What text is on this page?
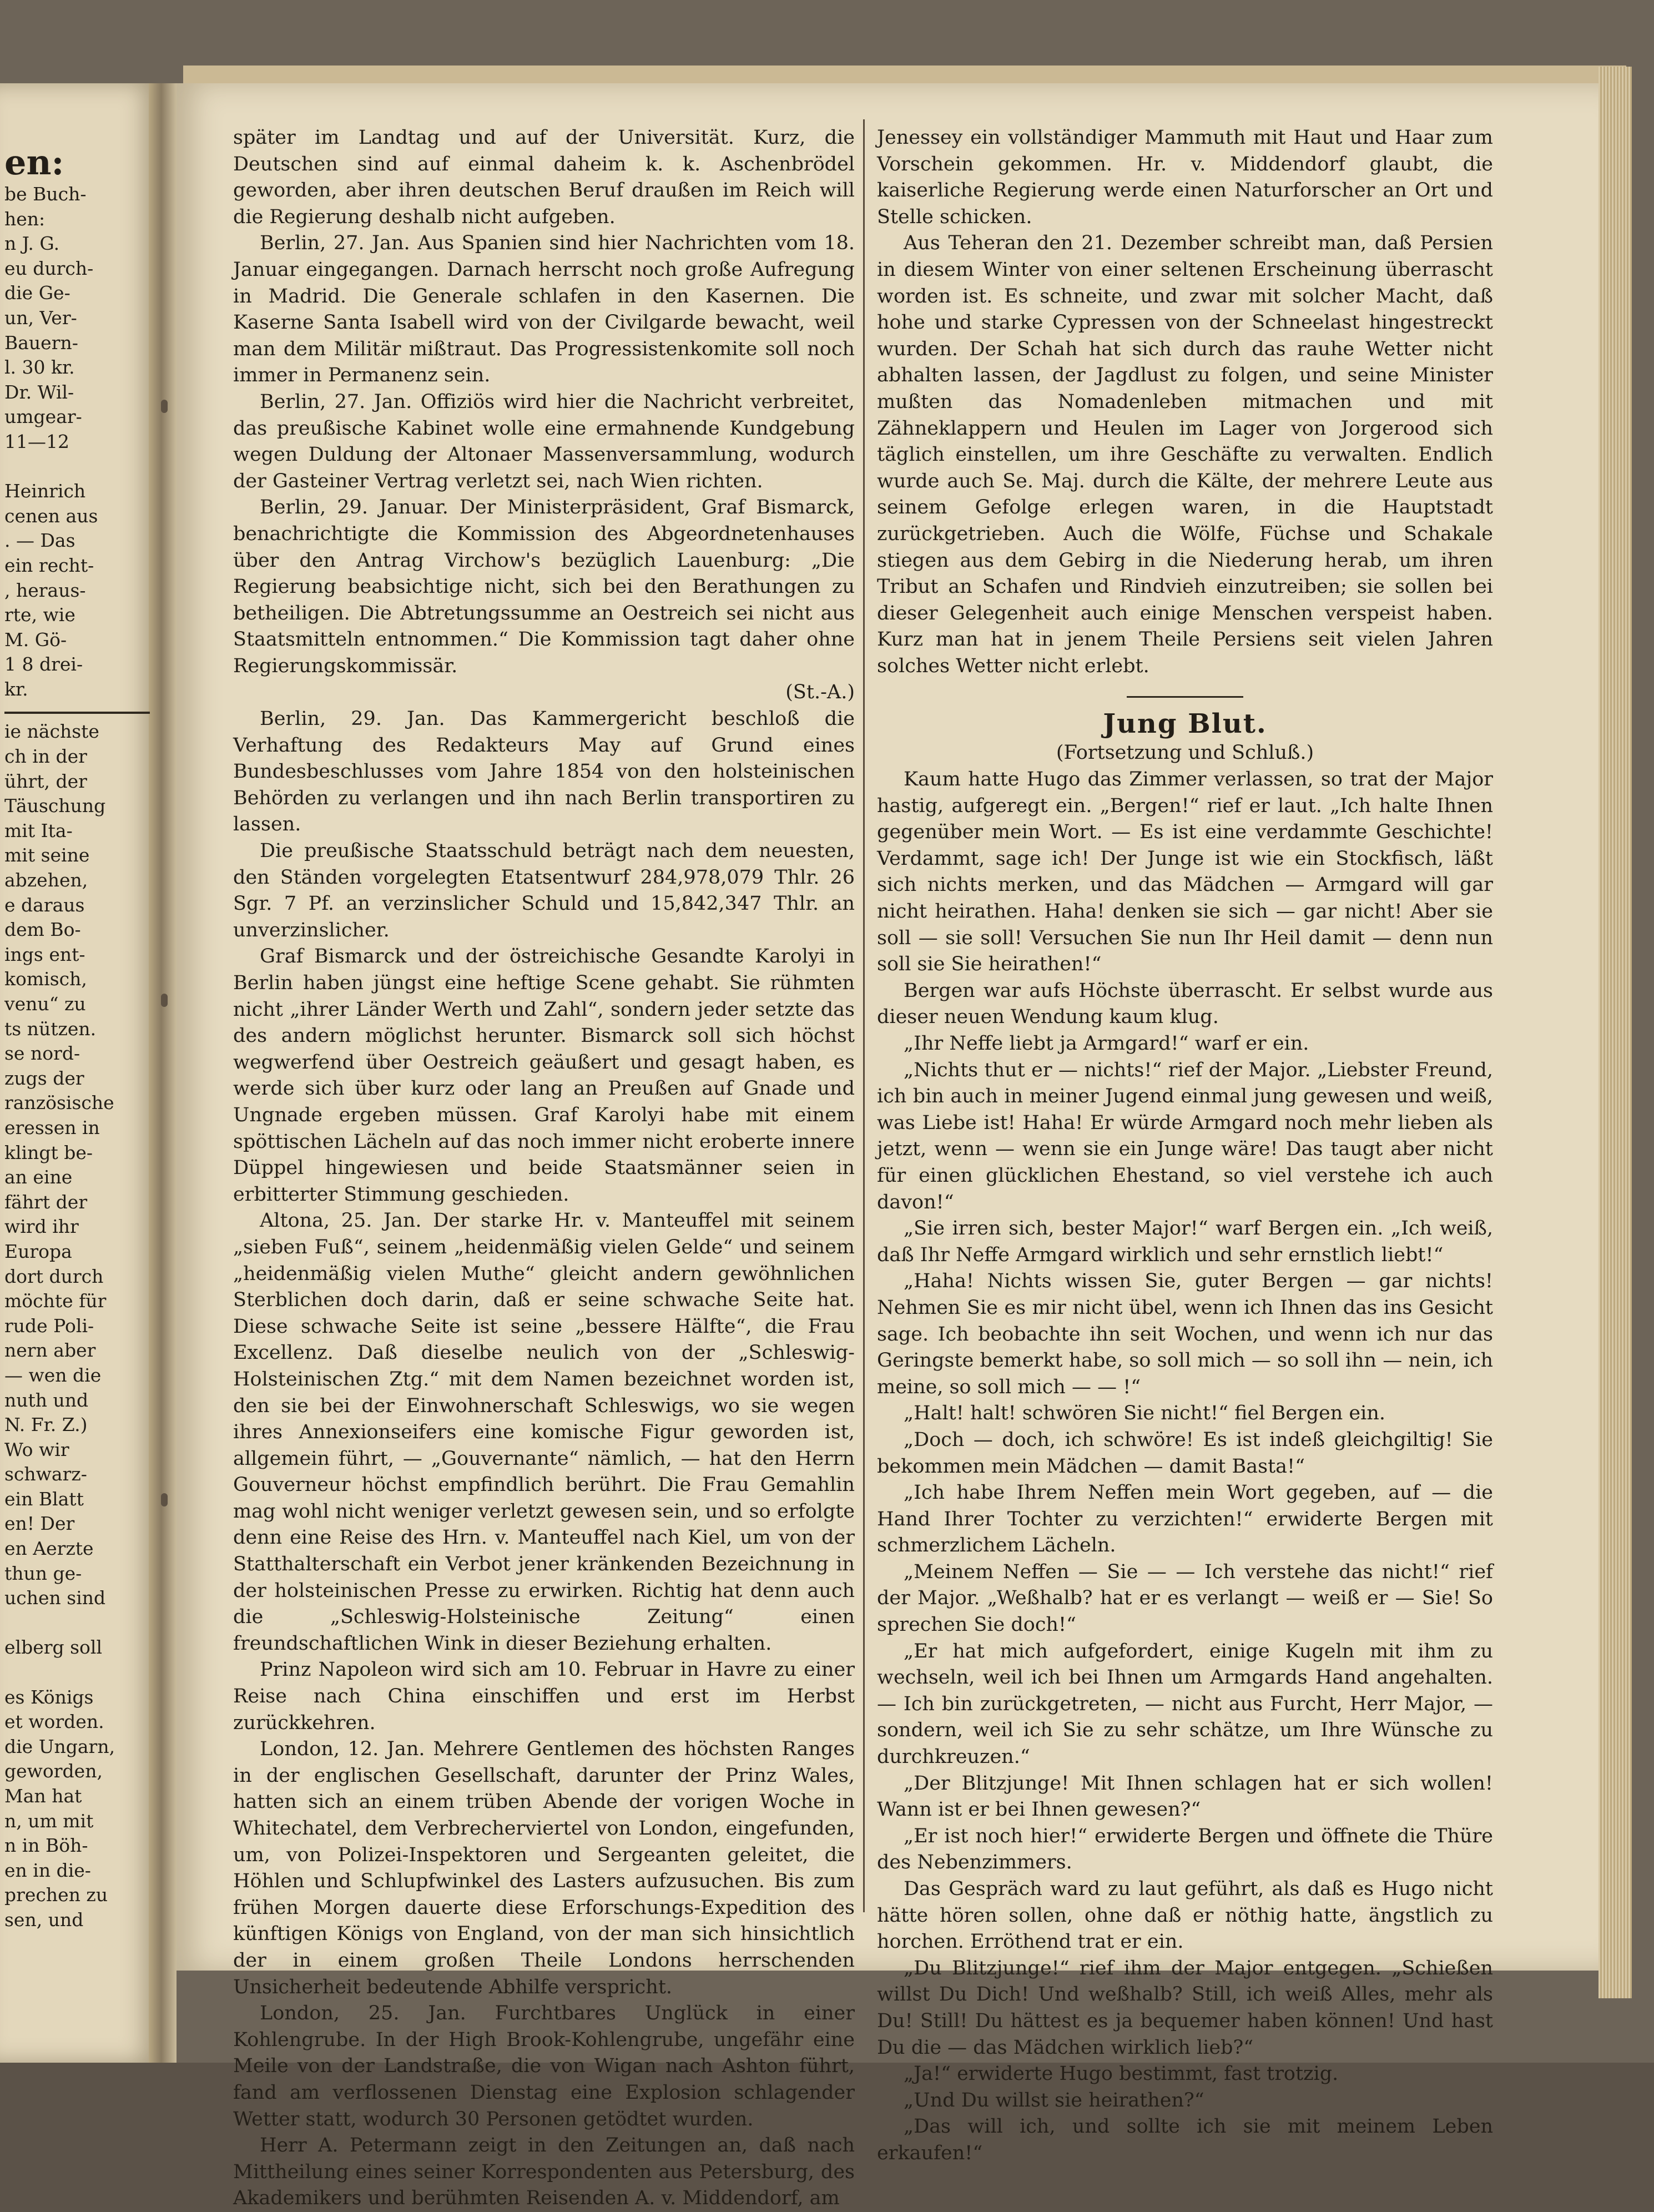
en:

be Buch-

hen:

n J. G.

eu durch-

die Ge-

un, Ver-

Bauern-

l. 30 kr.

Dr. Wil-

umgear-

11—12

Heinrich

cenen aus

. — Das

ein recht-

, heraus-

rte, wie

M. Gö-

1 8 drei-

kr.

ie nächste

ch in der

ührt, der

Täuschung

mit Ita-

mit seine

abzehen,

e daraus

dem Bo-

ings ent-

komisch,

venu“ zu

ts nützen.

se nord-

zugs der

ranzösische

eressen in

klingt be-

an eine

fährt der

wird ihr

Europa

dort durch

möchte für

rude Poli-

nern aber

— wen die

nuth und

N. Fr. Z.)

Wo wir

schwarz-

ein Blatt

en! Der

en Aerzte

thun ge-

uchen sind

elberg soll

es Königs

et worden.

die Ungarn,

geworden,

Man hat

n, um mit

n in Böh-

en in die-

prechen zu

sen, und

später im Landtag und auf der Universität. Kurz, die Deutschen sind auf einmal daheim k. k. Aschenbrödel geworden, aber ihren deutschen Beruf draußen im Reich will die Regierung deshalb nicht aufgeben.

Berlin, 27. Jan. Aus Spanien sind hier Nachrichten vom 18. Januar eingegangen. Darnach herrscht noch große Aufregung in Madrid. Die Generale schlafen in den Kasernen. Die Kaserne Santa Isabell wird von der Civilgarde bewacht, weil man dem Militär mißtraut. Das Progressistenkomite soll noch immer in Permanenz sein.

Berlin, 27. Jan. Offiziös wird hier die Nachricht verbreitet, das preußische Kabinet wolle eine ermahnende Kundgebung wegen Duldung der Altonaer Massenversammlung, wodurch der Gasteiner Vertrag verletzt sei, nach Wien richten.

Berlin, 29. Januar. Der Ministerpräsident, Graf Bismarck, benachrichtigte die Kommission des Abgeordnetenhauses über den Antrag Virchow's bezüglich Lauenburg: „Die Regierung beabsichtige nicht, sich bei den Berathungen zu betheiligen. Die Abtretungssumme an Oestreich sei nicht aus Staatsmitteln entnommen.“ Die Kommission tagt daher ohne Regierungskommissär.

(St.-A.)

Berlin, 29. Jan. Das Kammergericht beschloß die Verhaftung des Redakteurs May auf Grund eines Bundesbeschlusses vom Jahre 1854 von den holsteinischen Behörden zu verlangen und ihn nach Berlin transportiren zu lassen.

Die preußische Staatsschuld beträgt nach dem neuesten, den Ständen vorgelegten Etatsentwurf 284,978,079 Thlr. 26 Sgr. 7 Pf. an verzinslicher Schuld und 15,842,347 Thlr. an unverzinslicher.

Graf Bismarck und der östreichische Gesandte Karolyi in Berlin haben jüngst eine heftige Scene gehabt. Sie rühmten nicht „ihrer Länder Werth und Zahl“, sondern jeder setzte das des andern möglichst herunter. Bismarck soll sich höchst wegwerfend über Oestreich geäußert und gesagt haben, es werde sich über kurz oder lang an Preußen auf Gnade und Ungnade ergeben müssen. Graf Karolyi habe mit einem spöttischen Lächeln auf das noch immer nicht eroberte innere Düppel hingewiesen und beide Staatsmänner seien in erbitterter Stimmung geschieden.

Altona, 25. Jan. Der starke Hr. v. Manteuffel mit seinem „sieben Fuß“, seinem „heidenmäßig vielen Gelde“ und seinem „heidenmäßig vielen Muthe“ gleicht andern gewöhnlichen Sterblichen doch darin, daß er seine schwache Seite hat. Diese schwache Seite ist seine „bessere Hälfte“, die Frau Excellenz. Daß dieselbe neulich von der „Schleswig-Holsteinischen Ztg.“ mit dem Namen bezeichnet worden ist, den sie bei der Einwohnerschaft Schleswigs, wo sie wegen ihres Annexionseifers eine komische Figur geworden ist, allgemein führt, — „Gouvernante“ nämlich, — hat den Herrn Gouverneur höchst empfindlich berührt. Die Frau Gemahlin mag wohl nicht weniger verletzt gewesen sein, und so erfolgte denn eine Reise des Hrn. v. Manteuffel nach Kiel, um von der Statthalterschaft ein Verbot jener kränkenden Bezeichnung in der holsteinischen Presse zu erwirken. Richtig hat denn auch die „Schleswig-Holsteinische Zeitung“ einen freundschaftlichen Wink in dieser Beziehung erhalten.

Prinz Napoleon wird sich am 10. Februar in Havre zu einer Reise nach China einschiffen und erst im Herbst zurückkehren.

London, 12. Jan. Mehrere Gentlemen des höchsten Ranges in der englischen Gesellschaft, darunter der Prinz Wales, hatten sich an einem trüben Abende der vorigen Woche in Whitechatel, dem Verbrecherviertel von London, eingefunden, um, von Polizei-Inspektoren und Sergeanten geleitet, die Höhlen und Schlupfwinkel des Lasters aufzusuchen. Bis zum frühen Morgen dauerte diese Erforschungs-Expedition des künftigen Königs von England, von der man sich hinsichtlich der in einem großen Theile Londons herrschenden Unsicherheit bedeutende Abhilfe verspricht.

London, 25. Jan. Furchtbares Unglück in einer Kohlengrube. In der High Brook-Kohlengrube, ungefähr eine Meile von der Landstraße, die von Wigan nach Ashton führt, fand am verflossenen Dienstag eine Explosion schlagender Wetter statt, wodurch 30 Personen getödtet wurden.

Herr A. Petermann zeigt in den Zeitungen an, daß nach Mittheilung eines seiner Korrespondenten aus Petersburg, des Akademikers und berühmten Reisenden A. v. Middendorf, am

Jenessey ein vollständiger Mammuth mit Haut und Haar zum Vorschein gekommen. Hr. v. Middendorf glaubt, die kaiserliche Regierung werde einen Naturforscher an Ort und Stelle schicken.

Aus Teheran den 21. Dezember schreibt man, daß Persien in diesem Winter von einer seltenen Erscheinung überrascht worden ist. Es schneite, und zwar mit solcher Macht, daß hohe und starke Cypressen von der Schneelast hingestreckt wurden. Der Schah hat sich durch das rauhe Wetter nicht abhalten lassen, der Jagdlust zu folgen, und seine Minister mußten das Nomadenleben mitmachen und mit Zähneklappern und Heulen im Lager von Jorgerood sich täglich einstellen, um ihre Geschäfte zu verwalten. Endlich wurde auch Se. Maj. durch die Kälte, der mehrere Leute aus seinem Gefolge erlegen waren, in die Hauptstadt zurückgetrieben. Auch die Wölfe, Füchse und Schakale stiegen aus dem Gebirg in die Niederung herab, um ihren Tribut an Schafen und Rindvieh einzutreiben; sie sollen bei dieser Gelegenheit auch einige Menschen verspeist haben. Kurz man hat in jenem Theile Persiens seit vielen Jahren solches Wetter nicht erlebt.

Jung Blut.

(Fortsetzung und Schluß.)

Kaum hatte Hugo das Zimmer verlassen, so trat der Major hastig, aufgeregt ein. „Bergen!“ rief er laut. „Ich halte Ihnen gegenüber mein Wort. — Es ist eine verdammte Geschichte! Verdammt, sage ich! Der Junge ist wie ein Stockfisch, läßt sich nichts merken, und das Mädchen — Armgard will gar nicht heirathen. Haha! denken sie sich — gar nicht! Aber sie soll — sie soll! Versuchen Sie nun Ihr Heil damit — denn nun soll sie Sie heirathen!“

Bergen war aufs Höchste überrascht. Er selbst wurde aus dieser neuen Wendung kaum klug.

„Ihr Neffe liebt ja Armgard!“ warf er ein.

„Nichts thut er — nichts!“ rief der Major. „Liebster Freund, ich bin auch in meiner Jugend einmal jung gewesen und weiß, was Liebe ist! Haha! Er würde Armgard noch mehr lieben als jetzt, wenn — wenn sie ein Junge wäre! Das taugt aber nicht für einen glücklichen Ehestand, so viel verstehe ich auch davon!“

„Sie irren sich, bester Major!“ warf Bergen ein. „Ich weiß, daß Ihr Neffe Armgard wirklich und sehr ernstlich liebt!“

„Haha! Nichts wissen Sie, guter Bergen — gar nichts! Nehmen Sie es mir nicht übel, wenn ich Ihnen das ins Gesicht sage. Ich beobachte ihn seit Wochen, und wenn ich nur das Geringste bemerkt habe, so soll mich — so soll ihn — nein, ich meine, so soll mich — — !“

„Halt! halt! schwören Sie nicht!“ fiel Bergen ein.

„Doch — doch, ich schwöre! Es ist indeß gleichgiltig! Sie bekommen mein Mädchen — damit Basta!“

„Ich habe Ihrem Neffen mein Wort gegeben, auf — die Hand Ihrer Tochter zu verzichten!“ erwiderte Bergen mit schmerzlichem Lächeln.

„Meinem Neffen — Sie — — Ich verstehe das nicht!“ rief der Major. „Weßhalb? hat er es verlangt — weiß er — Sie! So sprechen Sie doch!“

„Er hat mich aufgefordert, einige Kugeln mit ihm zu wechseln, weil ich bei Ihnen um Armgards Hand angehalten. — Ich bin zurückgetreten, — nicht aus Furcht, Herr Major, — sondern, weil ich Sie zu sehr schätze, um Ihre Wünsche zu durchkreuzen.“

„Der Blitzjunge! Mit Ihnen schlagen hat er sich wollen! Wann ist er bei Ihnen gewesen?“

„Er ist noch hier!“ erwiderte Bergen und öffnete die Thüre des Nebenzimmers.

Das Gespräch ward zu laut geführt, als daß es Hugo nicht hätte hören sollen, ohne daß er nöthig hatte, ängstlich zu horchen. Erröthend trat er ein.

„Du Blitzjunge!“ rief ihm der Major entgegen. „Schießen willst Du Dich! Und weßhalb? Still, ich weiß Alles, mehr als Du! Still! Du hättest es ja bequemer haben können! Und hast Du die — das Mädchen wirklich lieb?“

„Ja!“ erwiderte Hugo bestimmt, fast trotzig.

„Und Du willst sie heirathen?“

„Das will ich, und sollte ich sie mit meinem Leben erkaufen!“
